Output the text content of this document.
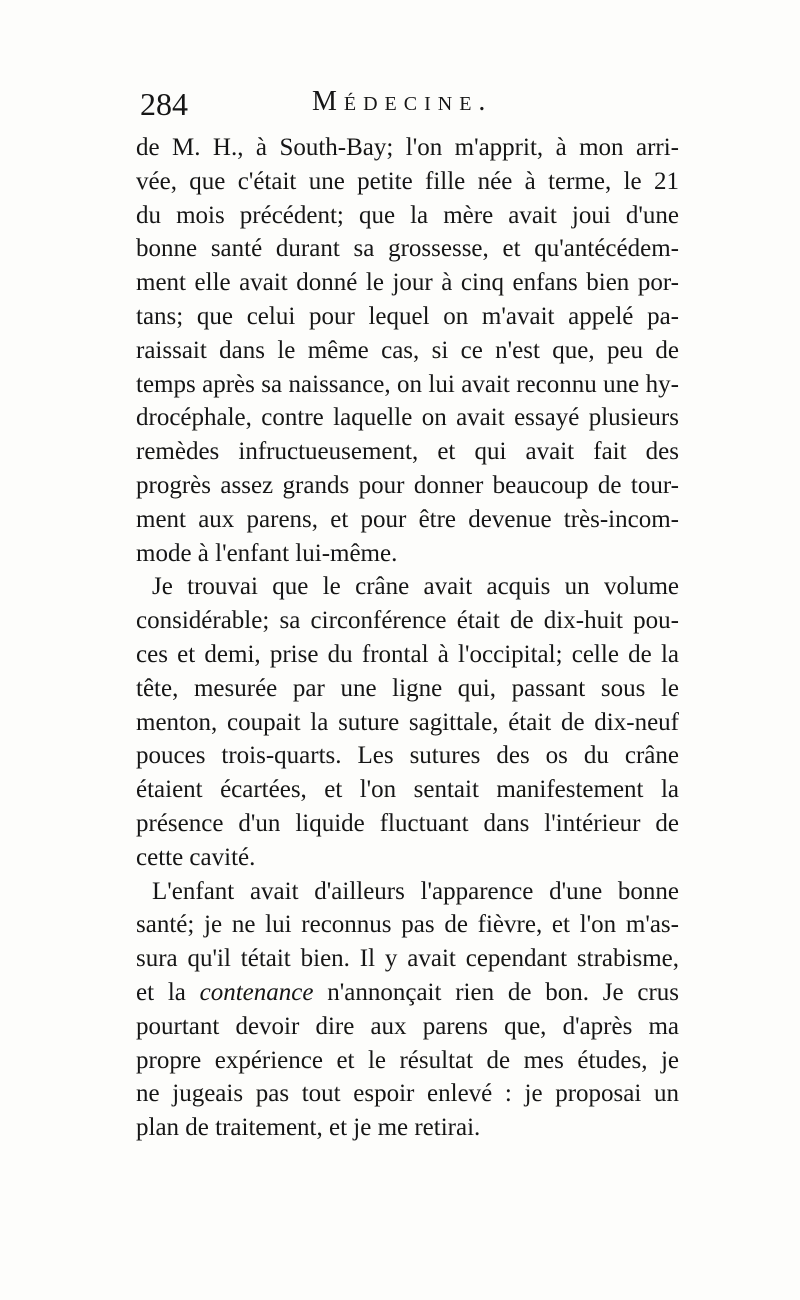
284	Médecine.
de M. H., à South-Bay; l'on m'apprit, à mon arri-
vée, que c'était une petite fille née à terme, le 21
du mois précédent; que la mère avait joui d'une
bonne santé durant sa grossesse, et qu'antécédem-
ment elle avait donné le jour à cinq enfans bien por-
tans; que celui pour lequel on m'avait appelé pa-
raissait dans le même cas, si ce n'est que, peu de
temps après sa naissance, on lui avait reconnu une hy-
drocéphale, contre laquelle on avait essayé plusieurs
remèdes infructueusement, et qui avait fait des
progrès assez grands pour donner beaucoup de tour-
ment aux parens, et pour être devenue très-incom-
mode à l'enfant lui-même.
Je trouvai que le crâne avait acquis un volume
considérable; sa circonférence était de dix-huit pou-
ces et demi, prise du frontal à l'occipital; celle de la
tête, mesurée par une ligne qui, passant sous le
menton, coupait la suture sagittale, était de dix-neuf
pouces trois-quarts. Les sutures des os du crâne
étaient écartées, et l'on sentait manifestement la
présence d'un liquide fluctuant dans l'intérieur de
cette cavité.
L'enfant avait d'ailleurs l'apparence d'une bonne
santé; je ne lui reconnus pas de fièvre, et l'on m'as-
sura qu'il tétait bien. Il y avait cependant strabisme,
et la contenance n'annonçait rien de bon. Je crus
pourtant devoir dire aux parens que, d'après ma
propre expérience et le résultat de mes études, je
ne jugeais pas tout espoir enlevé : je proposai un
plan de traitement, et je me retirai.
